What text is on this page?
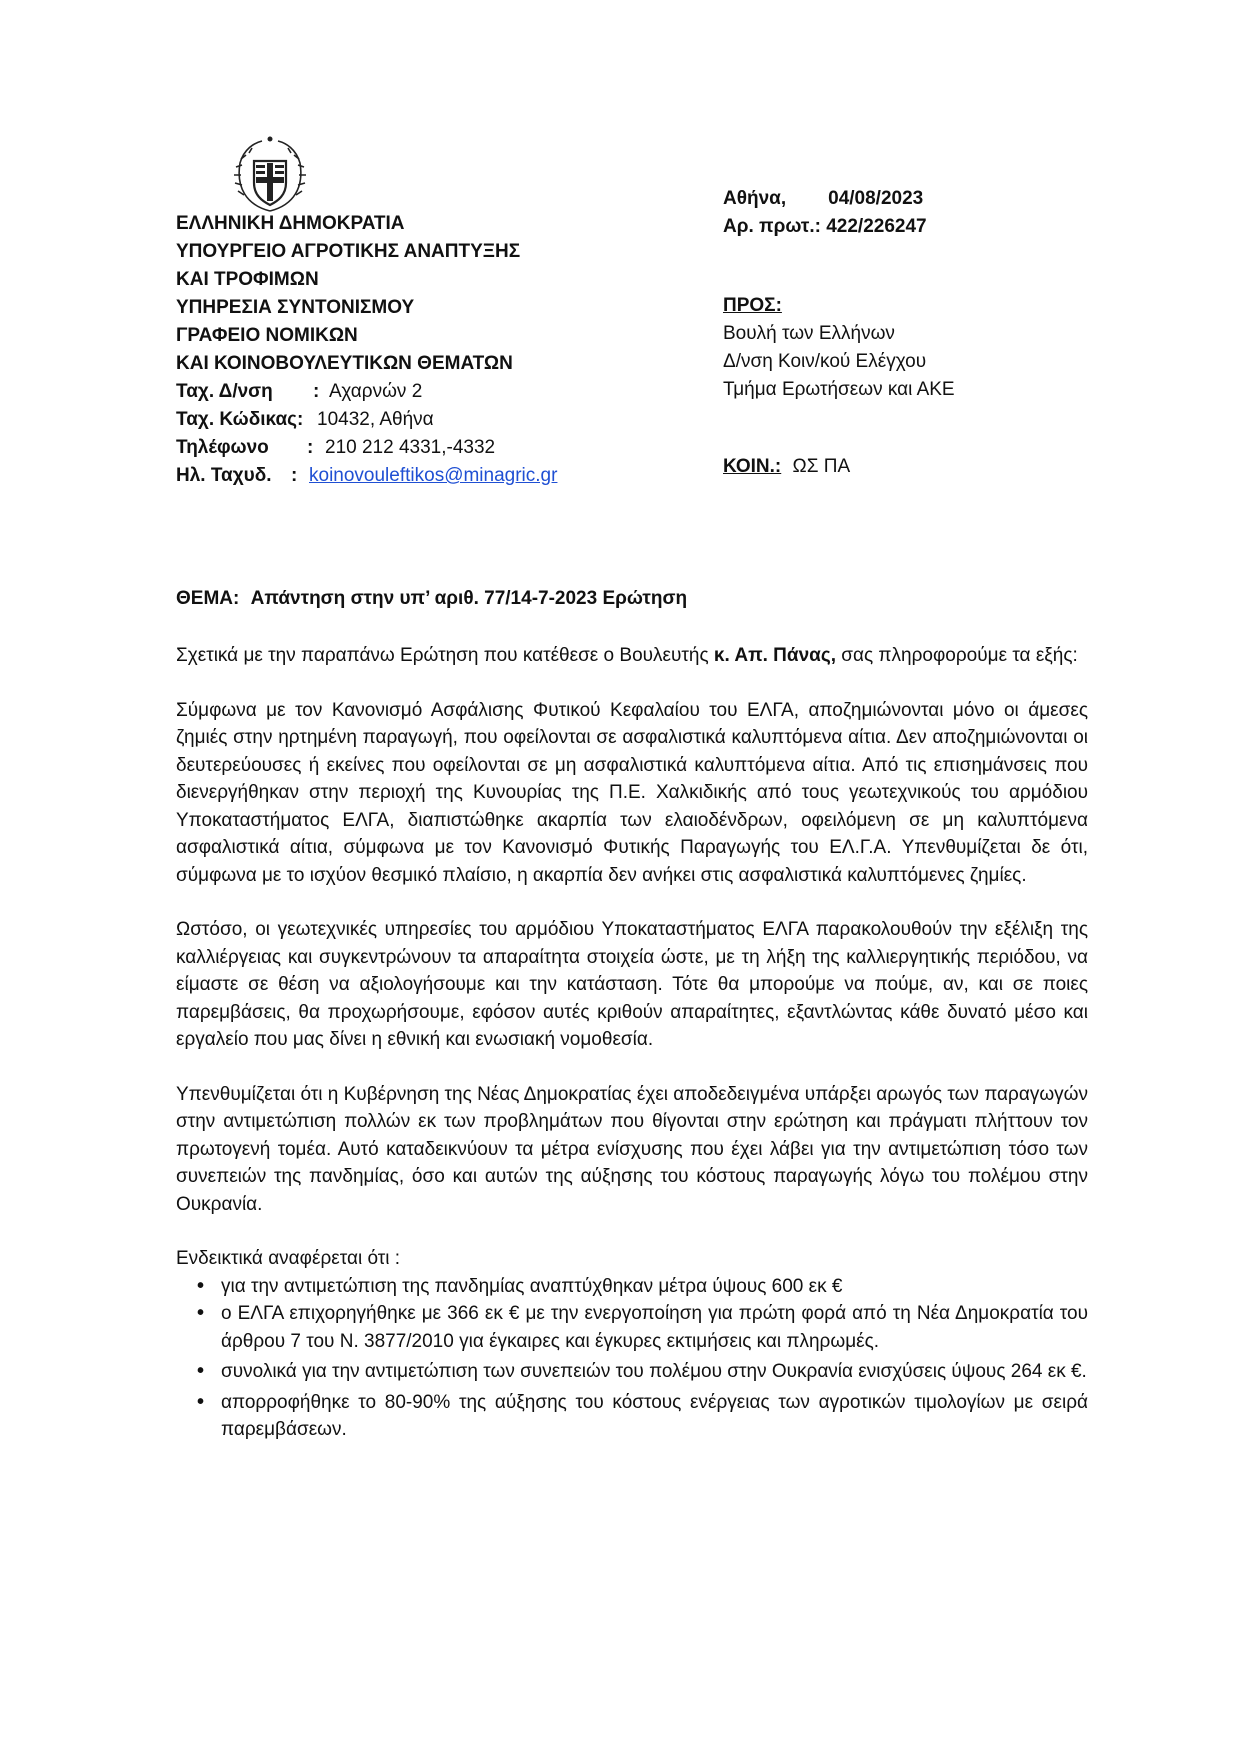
ΕΛΛΗΝΙΚΗ ΔΗΜΟΚΡΑΤΙΑ
ΥΠΟΥΡΓΕΙΟ ΑΓΡΟΤΙΚΗΣ ΑΝΑΠΤΥΞΗΣ
ΚΑΙ ΤΡΟΦΙΜΩΝ
ΥΠΗΡΕΣΙΑ ΣΥΝΤΟΝΙΣΜΟΥ
ΓΡΑΦΕΙΟ ΝΟΜΙΚΩΝ
ΚΑΙ ΚΟΙΝΟΒΟΥΛΕΥΤΙΚΩΝ ΘΕΜΑΤΩΝ
Ταχ. Δ/νση	: Αχαρνών 2
Ταχ. Κώδικας: 10432, Αθήνα
Τηλέφωνο	: 210 212 4331,-4332
Ηλ. Ταχυδ.	: koinovouleftikos@minagric.gr
Αθήνα, 04/08/2023
Αρ. πρωτ.: 422/226247
ΠΡΟΣ:
Βουλή των Ελλήνων
Δ/νση Κοιν/κού Ελέγχου
Τμήμα Ερωτήσεων και ΑΚΕ
ΚΟΙΝ.: ΩΣ ΠΑ
ΘΕΜΑ: Απάντηση στην υπ’ αριθ. 77/14-7-2023 Ερώτηση

Σχετικά με την παραπάνω Ερώτηση που κατέθεσε ο Βουλευτής κ. Απ. Πάνας, σας πληροφορούμε τα εξής:

Σύμφωνα με τον Κανονισμό Ασφάλισης Φυτικού Κεφαλαίου του ΕΛΓΑ, αποζημιώνονται μόνο οι άμεσες ζημιές στην ηρτημένη παραγωγή, που οφείλονται σε ασφαλιστικά καλυπτόμενα αίτια. Δεν αποζημιώνονται οι δευτερεύουσες ή εκείνες που οφείλονται σε μη ασφαλιστικά καλυπτόμενα αίτια. Από τις επισημάνσεις που διενεργήθηκαν στην περιοχή της Κυνουρίας της Π.Ε. Χαλκιδικής από τους γεωτεχνικούς του αρμόδιου Υποκαταστήματος ΕΛΓΑ, διαπιστώθηκε ακαρπία των ελαιοδένδρων, οφειλόμενη σε μη καλυπτόμενα ασφαλιστικά αίτια, σύμφωνα με τον Κανονισμό Φυτικής Παραγωγής του ΕΛ.Γ.Α. Υπενθυμίζεται δε ότι, σύμφωνα με το ισχύον θεσμικό πλαίσιο, η ακαρπία δεν ανήκει στις ασφαλιστικά καλυπτόμενες ζημίες.

Ωστόσο, οι γεωτεχνικές υπηρεσίες του αρμόδιου Υποκαταστήματος ΕΛΓΑ παρακολουθούν την εξέλιξη της καλλιέργειας και συγκεντρώνουν τα απαραίτητα στοιχεία ώστε, με τη λήξη της καλλιεργητικής περιόδου, να είμαστε σε θέση να αξιολογήσουμε και την κατάσταση. Τότε θα μπορούμε να πούμε, αν, και σε ποιες παρεμβάσεις, θα προχωρήσουμε, εφόσον αυτές κριθούν απαραίτητες, εξαντλώντας κάθε δυνατό μέσο και εργαλείο που μας δίνει η εθνική και ενωσιακή νομοθεσία.

Υπενθυμίζεται ότι η Κυβέρνηση της Νέας Δημοκρατίας έχει αποδεδειγμένα υπάρξει αρωγός των παραγωγών στην αντιμετώπιση πολλών εκ των προβλημάτων που θίγονται στην ερώτηση και πράγματι πλήττουν τον πρωτογενή τομέα. Αυτό καταδεικνύουν τα μέτρα ενίσχυσης που έχει λάβει για την αντιμετώπιση τόσο των συνεπειών της πανδημίας, όσο και αυτών της αύξησης του κόστους παραγωγής λόγω του πολέμου στην Ουκρανία.

Ενδεικτικά αναφέρεται ότι :
για την αντιμετώπιση της πανδημίας αναπτύχθηκαν μέτρα ύψους 600 εκ €
ο ΕΛΓΑ επιχορηγήθηκε με 366 εκ € με την ενεργοποίηση για πρώτη φορά από τη Νέα Δημοκρατία του άρθρου 7 του Ν. 3877/2010 για έγκαιρες και έγκυρες εκτιμήσεις και πληρωμές.
συνολικά για την αντιμετώπιση των συνεπειών του πολέμου στην Ουκρανία ενισχύσεις ύψους 264 εκ €.
απορροφήθηκε το 80-90% της αύξησης του κόστους ενέργειας των αγροτικών τιμολογίων με σειρά παρεμβάσεων.
